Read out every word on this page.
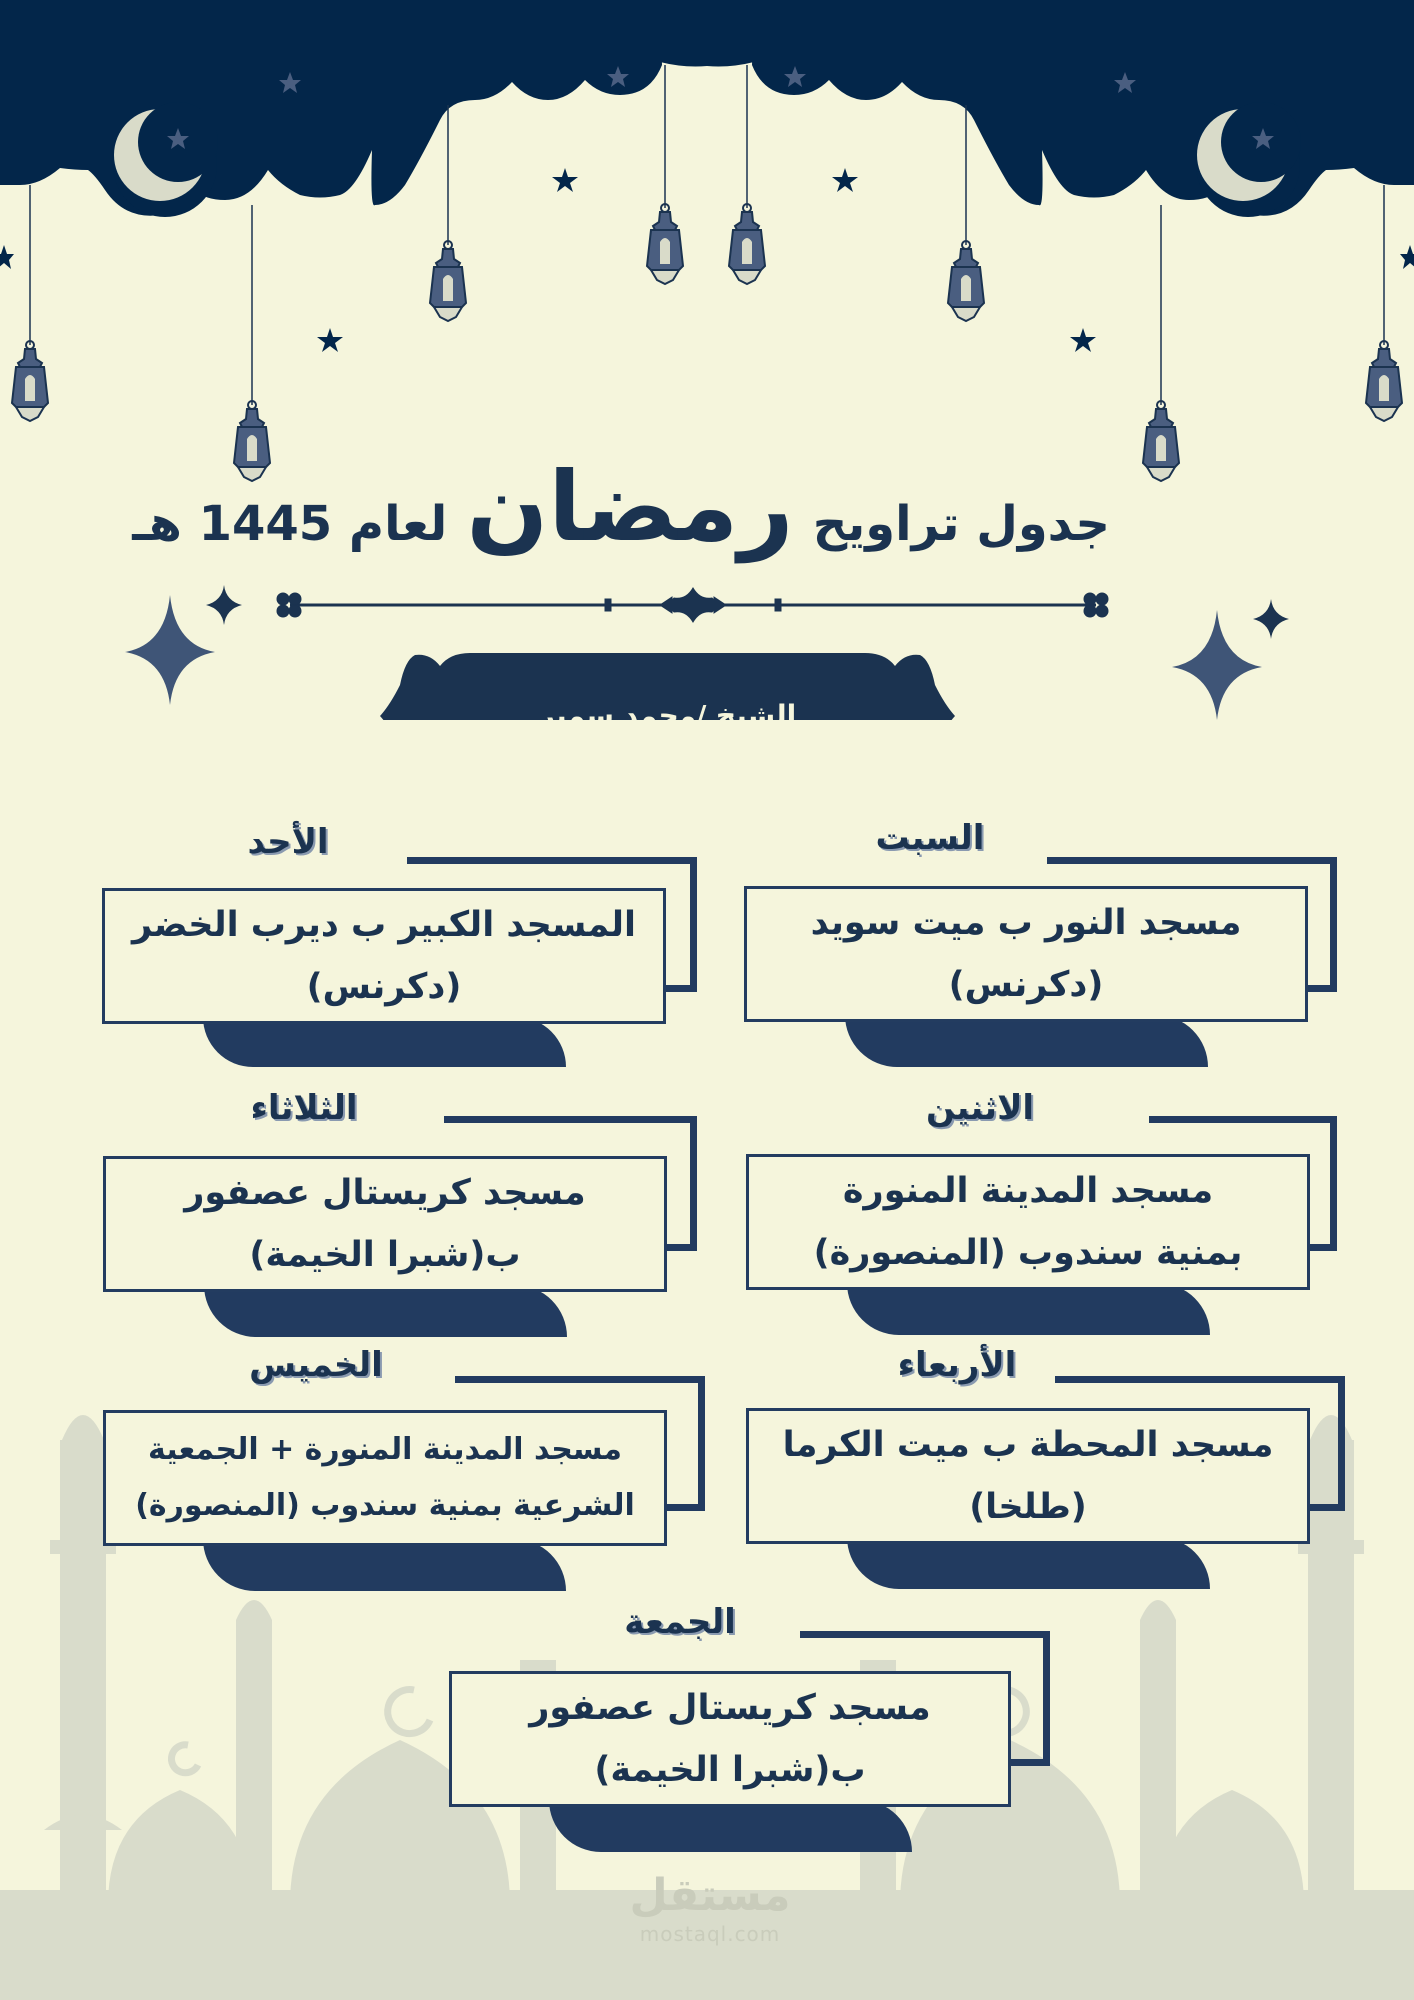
جدول تراويح رمضان لعام 1445 هـ
الشيخ /محمد سمير
مسجد النور ب ميت سويد
(دكرنس)
السبت
المسجد الكبير ب ديرب الخضر
(دكرنس)
الأحد
مسجد المدينة المنورة
بمنية سندوب (المنصورة)
الاثنين
مسجد كريستال عصفور
ب(شبرا الخيمة)
الثلاثاء
مسجد المحطة ب ميت الكرما
(طلخا)
الأربعاء
مسجد المدينة المنورة + الجمعية
الشرعية بمنية سندوب (المنصورة)
الخميس
مسجد كريستال عصفور
ب(شبرا الخيمة)
الجمعة
مستقل
mostaql.com
